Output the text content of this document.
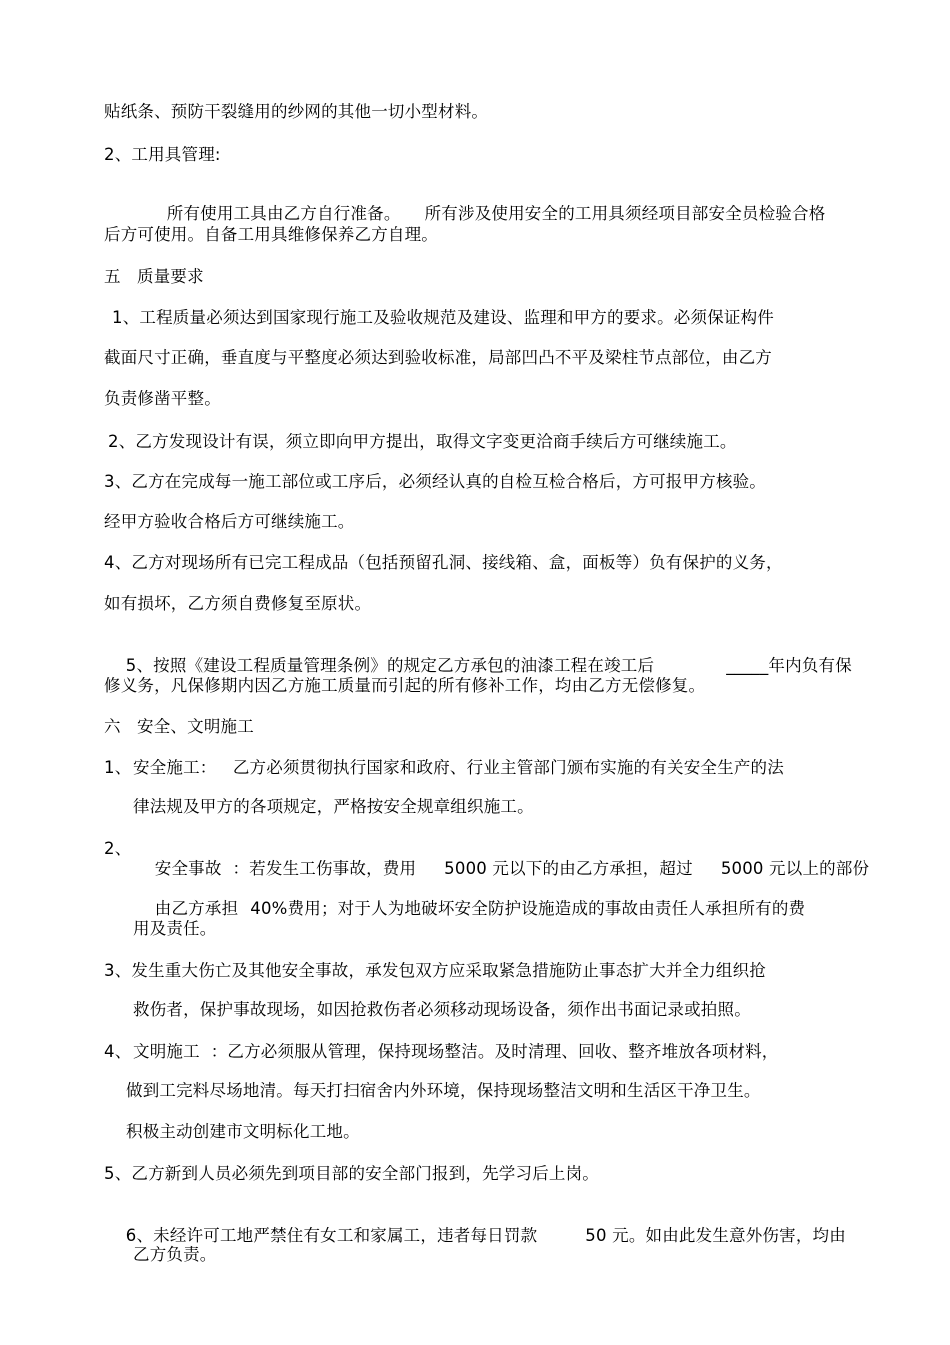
贴纸条、预防干裂缝用的纱网的其他一切小型材料。
2、工用具管理:

所有使用工具由乙方自行准备。 所有涉及使用安全的工用具须经项目部安全员检验合格

后方可使用。自备工用具维修保养乙方自理。
五   质量要求
1、工程质量必须达到国家现行施工及验收规范及建设、监理和甲方的要求。必须保证构件
截面尺寸正确，垂直度与平整度必须达到验收标准，局部凹凸不平及梁柱节点部位，由乙方
负责修凿平整。
2、乙方发现设计有误，须立即向甲方提出，取得文字变更洽商手续后方可继续施工。
3、乙方在完成每一施工部位或工序后，必须经认真的自检互检合格后，方可报甲方核验。
经甲方验收合格后方可继续施工。
4、乙方对现场所有已完工程成品（包括预留孔洞、接线箱、盒，面板等）负有保护的义务，
如有损坏，乙方须自费修复至原状。

5、按照《建设工程质量管理条例》的规定乙方承包的油漆工程在竣工后	_____年内负有保

修义务，凡保修期内因乙方施工质量而引起的所有修补工作，均由乙方无偿修复。
六   安全、文明施工
1、 安全施工：   乙方必须贯彻执行国家和政府、行业主管部门颁布实施的有关安全生产的法
律法规及甲方的各项规定，严格按安全规章组织施工。
2、

安全事故  ：若发生工伤事故，费用 5000 元以下的由乙方承担，超过 5000 元以上的部份

由乙方承担 40%费用；对于人为地破坏安全防护设施造成的事故由责任人承担所有的费

用及责任。
3、发生重大伤亡及其他安全事故，承发包双方应采取紧急措施防止事态扩大并全力组织抢
救伤者，保护事故现场，如因抢救伤者必须移动现场设备，须作出书面记录或拍照。
4、 文明施工  ：乙方必须服从管理，保持现场整洁。及时清理、回收、整齐堆放各项材料，
做到工完料尽场地清。每天打扫宿舍内外环境，保持现场整洁文明和生活区干净卫生。
积极主动创建市文明标化工地。
5、乙方新到人员必须先到项目部的安全部门报到，先学习后上岗。

6、未经许可工地严禁住有女工和家属工，违者每日罚款	50 元。如由此发生意外伤害，均由

乙方负责。
